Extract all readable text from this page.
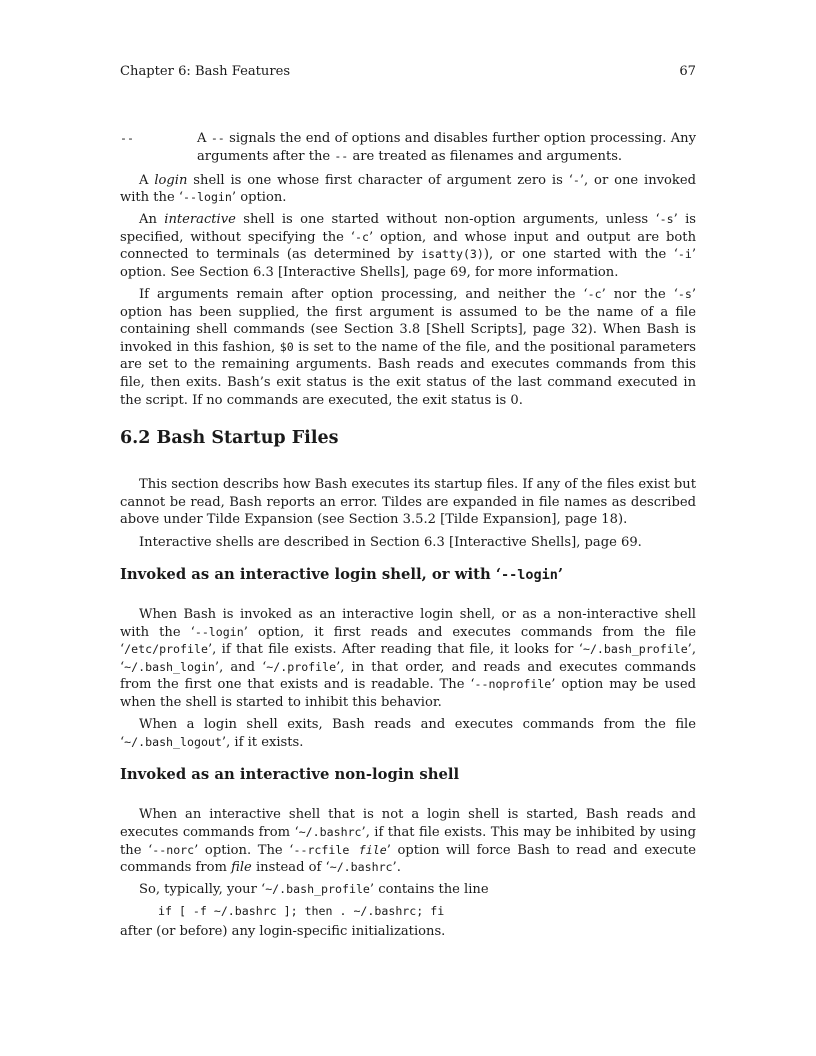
Chapter 6: Bash Features	67
--	A -- signals the end of options and disables further option processing. Any arguments after the -- are treated as filenames and arguments.

A login shell is one whose first character of argument zero is ‘-’, or one invoked with the ‘--login’ option.

An interactive shell is one started without non-option arguments, unless ‘-s’ is specified, without specifying the ‘-c’ option, and whose input and output are both connected to terminals (as determined by isatty(3)), or one started with the ‘-i’ option. See Section 6.3 [Interactive Shells], page 69, for more information.

If arguments remain after option processing, and neither the ‘-c’ nor the ‘-s’ option has been supplied, the first argument is assumed to be the name of a file containing shell commands (see Section 3.8 [Shell Scripts], page 32). When Bash is invoked in this fashion, $0 is set to the name of the file, and the positional parameters are set to the remaining arguments. Bash reads and executes commands from this file, then exits. Bash’s exit status is the exit status of the last command executed in the script. If no commands are executed, the exit status is 0.

6.2 Bash Startup Files

This section describs how Bash executes its startup files. If any of the files exist but cannot be read, Bash reports an error. Tildes are expanded in file names as described above under Tilde Expansion (see Section 3.5.2 [Tilde Expansion], page 18).

Interactive shells are described in Section 6.3 [Interactive Shells], page 69.

Invoked as an interactive login shell, or with ‘--login’

When Bash is invoked as an interactive login shell, or as a non-interactive shell with the ‘--login’ option, it first reads and executes commands from the file ‘/etc/profile’, if that file exists. After reading that file, it looks for ‘~/.bash_profile’, ‘~/.bash_login’, and ‘~/.profile’, in that order, and reads and executes commands from the first one that exists and is readable. The ‘--noprofile’ option may be used when the shell is started to inhibit this behavior.

When a login shell exits, Bash reads and executes commands from the file ‘~/.bash_logout’, if it exists.

Invoked as an interactive non-login shell

When an interactive shell that is not a login shell is started, Bash reads and executes commands from ‘~/.bashrc’, if that file exists. This may be inhibited by using the ‘--norc’ option. The ‘--rcfile file’ option will force Bash to read and execute commands from file instead of ‘~/.bashrc’.

So, typically, your ‘~/.bash_profile’ contains the line

if [ -f ~/.bashrc ]; then . ~/.bashrc; fi

after (or before) any login-specific initializations.
